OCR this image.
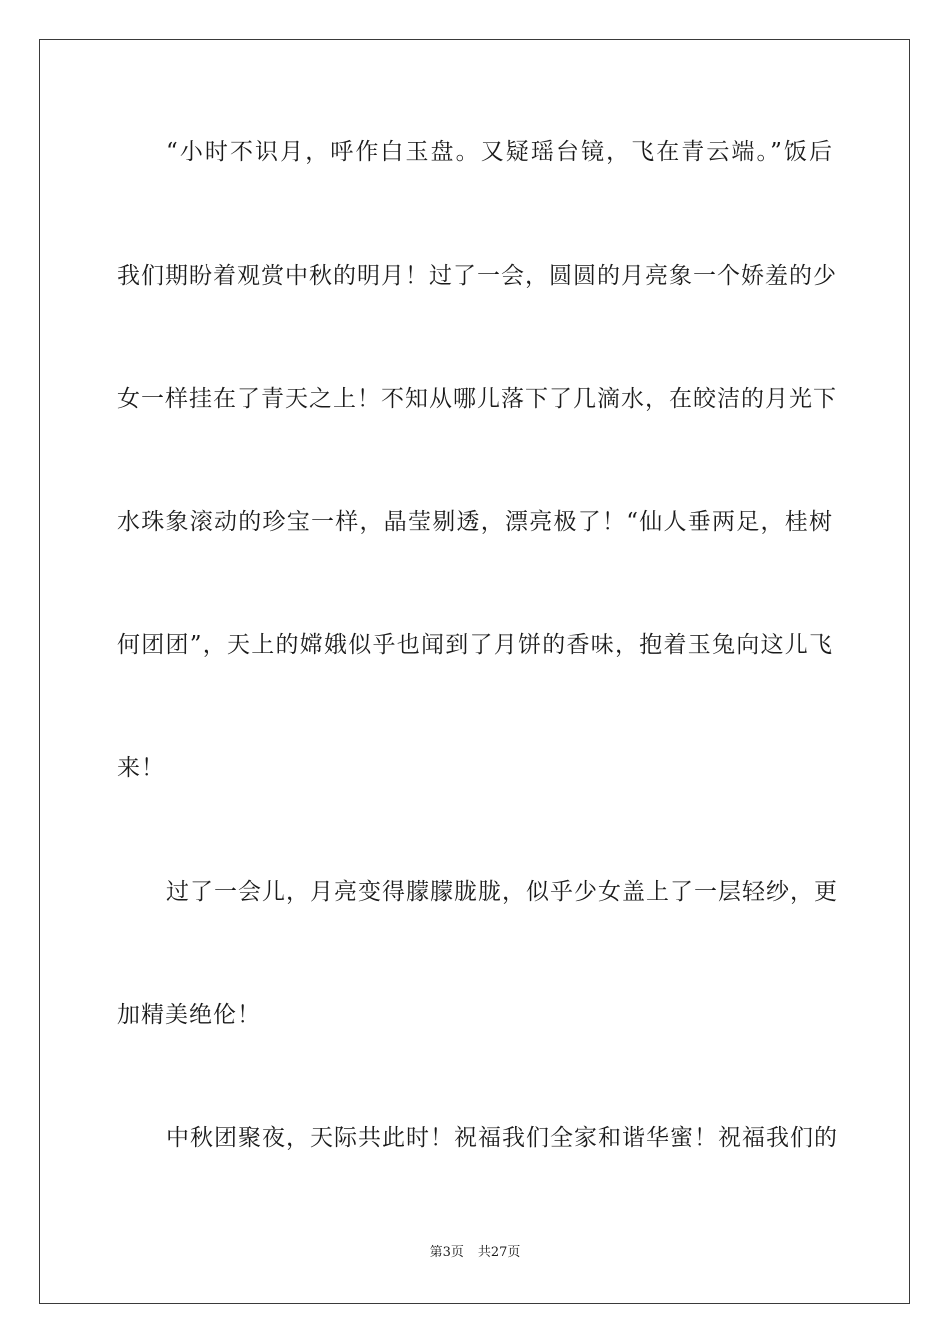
“小时不识月，呼作白玉盘。又疑瑶台镜，飞在青云端。”饭后
我们期盼着观赏中秋的明月！过了一会，圆圆的月亮象一个娇羞的少
女一样挂在了青天之上！不知从哪儿落下了几滴水，在皎洁的月光下
水珠象滚动的珍宝一样，晶莹剔透，漂亮极了！“仙人垂两足，桂树
何团团”，天上的嫦娥似乎也闻到了月饼的香味，抱着玉兔向这儿飞
来！
过了一会儿，月亮变得朦朦胧胧，似乎少女盖上了一层轻纱，更
加精美绝伦！
中秋团聚夜，天际共此时！祝福我们全家和谐华蜜！祝福我们的
第3页 共27页
